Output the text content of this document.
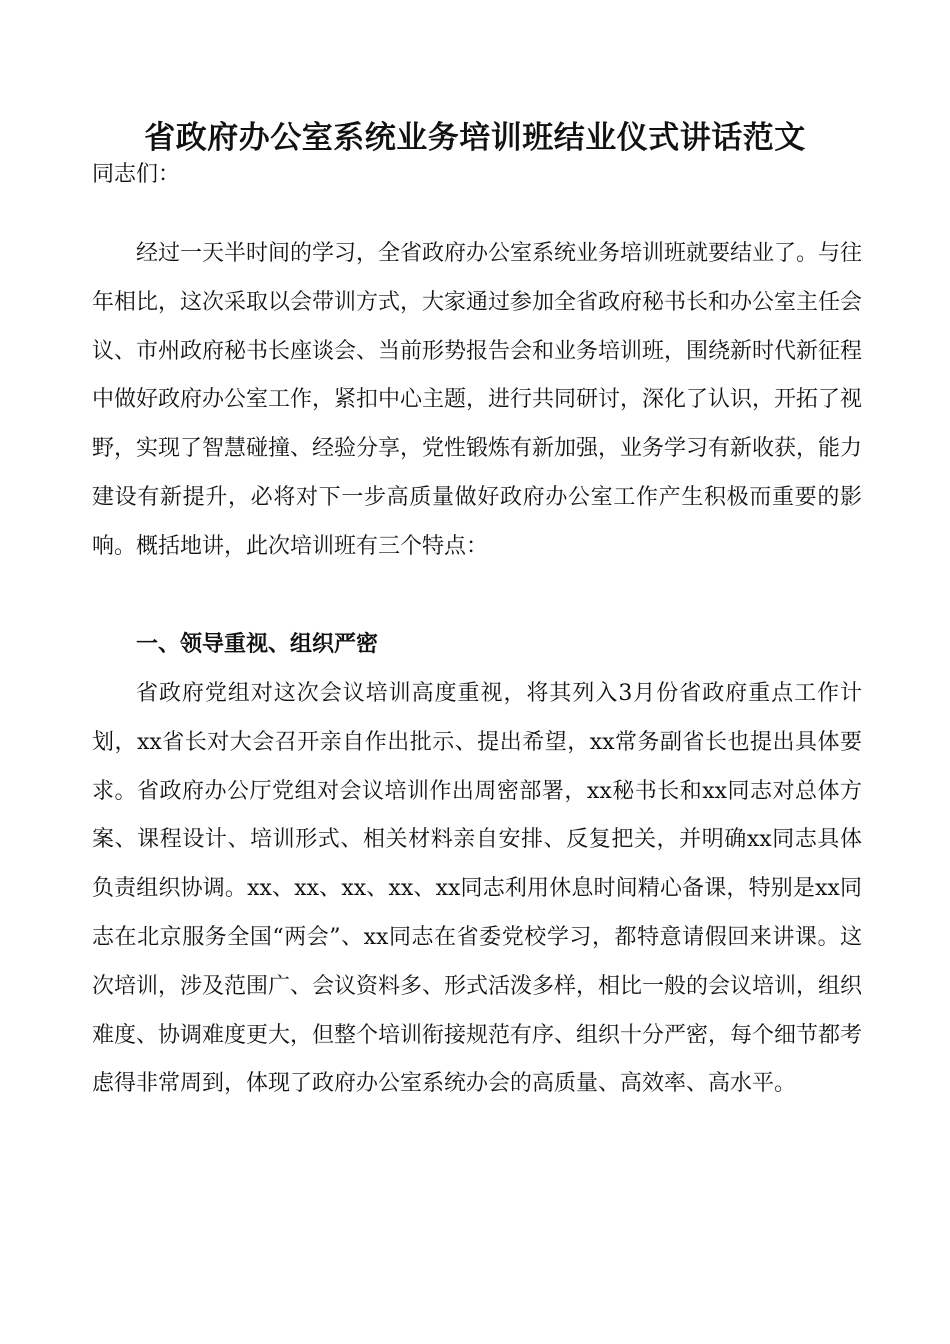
省政府办公室系统业务培训班结业仪式讲话范文
同志们：

经过一天半时间的学习，全省政府办公室系统业务培训班就要结业了。与往年相比，这次采取以会带训方式，大家通过参加全省政府秘书长和办公室主任会议、市州政府秘书长座谈会、当前形势报告会和业务培训班，围绕新时代新征程中做好政府办公室工作，紧扣中心主题，进行共同研讨，深化了认识，开拓了视野，实现了智慧碰撞、经验分享，党性锻炼有新加强，业务学习有新收获，能力建设有新提升，必将对下一步高质量做好政府办公室工作产生积极而重要的影响。概括地讲，此次培训班有三个特点：

一、领导重视、组织严密

省政府党组对这次会议培训高度重视，将其列入3月份省政府重点工作计划，xx省长对大会召开亲自作出批示、提出希望，xx常务副省长也提出具体要求。省政府办公厅党组对会议培训作出周密部署，xx秘书长和xx同志对总体方案、课程设计、培训形式、相关材料亲自安排、反复把关，并明确xx同志具体负责组织协调。xx、xx、xx、xx、xx同志利用休息时间精心备课，特别是xx同志在北京服务全国“两会”、xx同志在省委党校学习，都特意请假回来讲课。这次培训，涉及范围广、会议资料多、形式活泼多样，相比一般的会议培训，组织难度、协调难度更大，但整个培训衔接规范有序、组织十分严密，每个细节都考虑得非常周到，体现了政府办公室系统办会的高质量、高效率、高水平。
